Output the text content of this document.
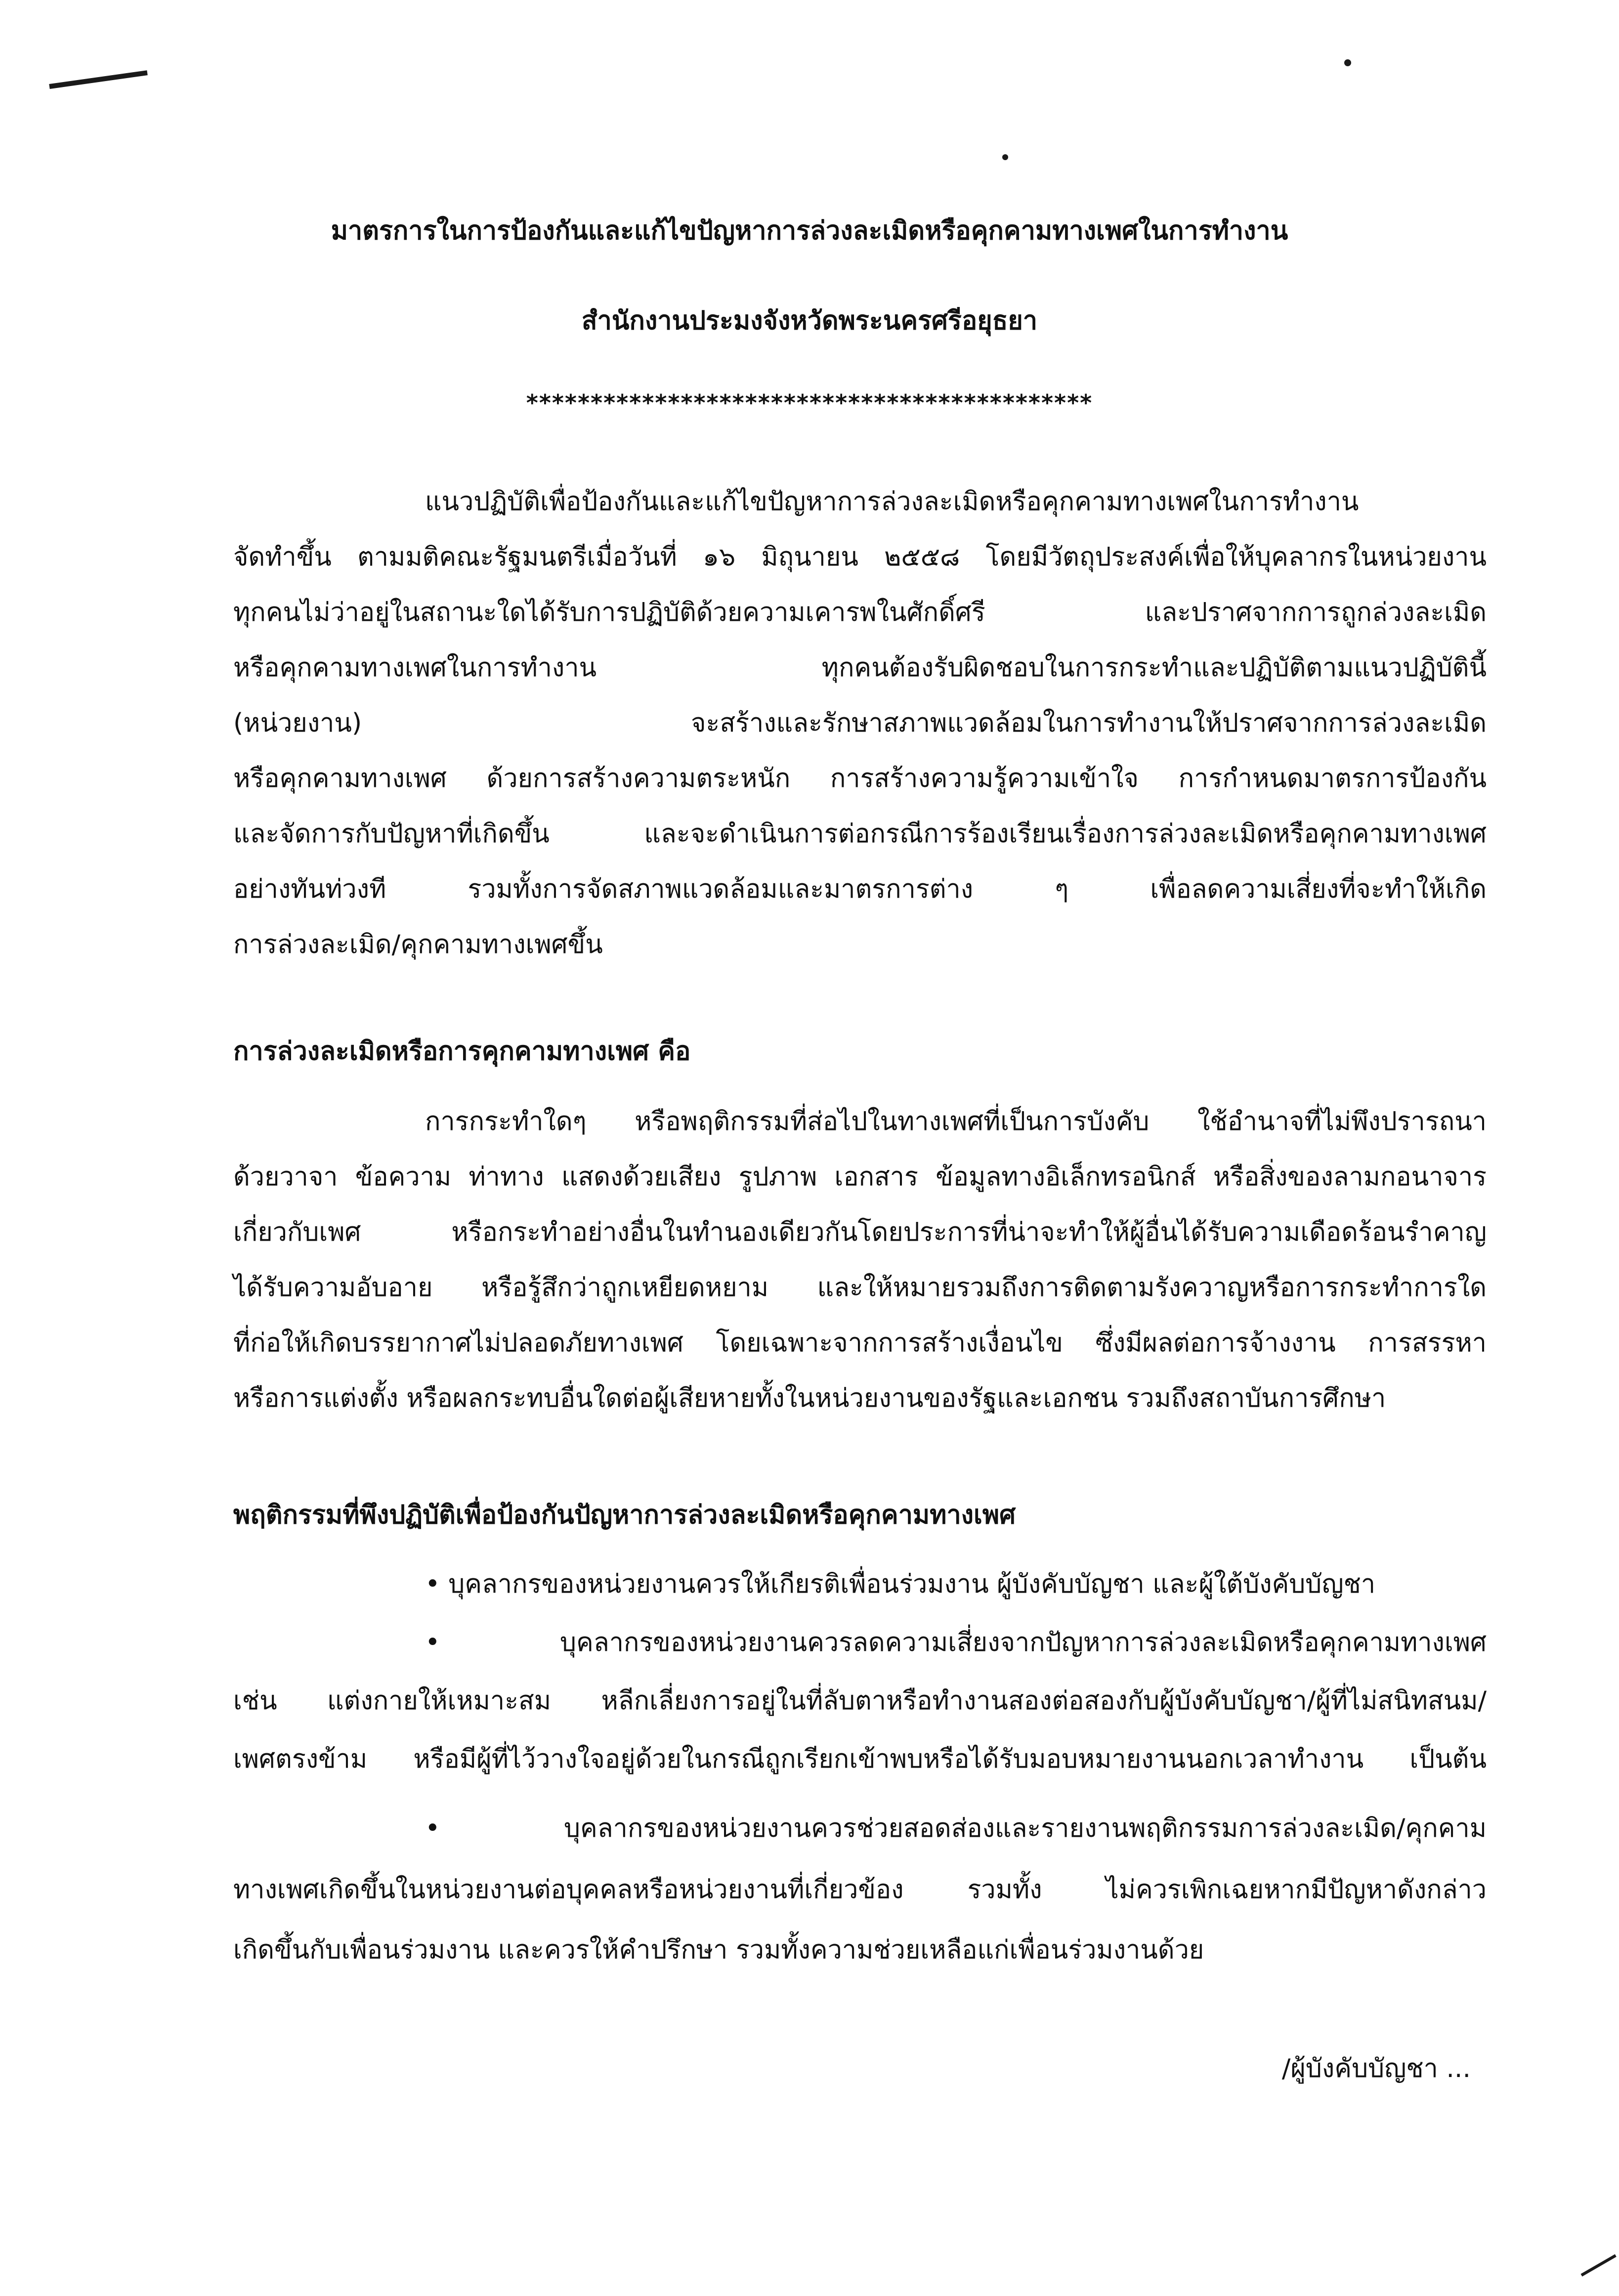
มาตรการในการป้องกันและแก้ไขปัญหาการล่วงละเมิดหรือคุกคามทางเพศในการทำงาน
สำนักงานประมงจังหวัดพระนครศรีอยุธยา
********************************************
แนวปฏิบัติเพื่อป้องกันและแก้ไขปัญหาการล่วงละเมิดหรือคุกคามทางเพศในการทำงาน
จัดทำขึ้น ตามมติคณะรัฐมนตรีเมื่อวันที่ ๑๖ มิถุนายน ๒๕๕๘ โดยมีวัตถุประสงค์เพื่อให้บุคลากรในหน่วยงาน
ทุกคนไม่ว่าอยู่ในสถานะใดได้รับการปฏิบัติด้วยความเคารพในศักดิ์ศรี และปราศจากการถูกล่วงละเมิด
หรือคุกคามทางเพศในการทำงาน ทุกคนต้องรับผิดชอบในการกระทำและปฏิบัติตามแนวปฏิบัตินี้
(หน่วยงาน) จะสร้างและรักษาสภาพแวดล้อมในการทำงานให้ปราศจากการล่วงละเมิด
หรือคุกคามทางเพศ ด้วยการสร้างความตระหนัก การสร้างความรู้ความเข้าใจ การกำหนดมาตรการป้องกัน
และจัดการกับปัญหาที่เกิดขึ้น และจะดำเนินการต่อกรณีการร้องเรียนเรื่องการล่วงละเมิดหรือคุกคามทางเพศ
อย่างทันท่วงที รวมทั้งการจัดสภาพแวดล้อมและมาตรการต่าง ๆ เพื่อลดความเสี่ยงที่จะทำให้เกิด
การล่วงละเมิด/คุกคามทางเพศขึ้น
การล่วงละเมิดหรือการคุกคามทางเพศ คือ
การกระทำใดๆ หรือพฤติกรรมที่ส่อไปในทางเพศที่เป็นการบังคับ ใช้อำนาจที่ไม่พึงปรารถนา
ด้วยวาจา ข้อความ ท่าทาง แสดงด้วยเสียง รูปภาพ เอกสาร ข้อมูลทางอิเล็กทรอนิกส์ หรือสิ่งของลามกอนาจาร
เกี่ยวกับเพศ หรือกระทำอย่างอื่นในทำนองเดียวกันโดยประการที่น่าจะทำให้ผู้อื่นได้รับความเดือดร้อนรำคาญ
ได้รับความอับอาย หรือรู้สึกว่าถูกเหยียดหยาม และให้หมายรวมถึงการติดตามรังควาญหรือการกระทำการใด
ที่ก่อให้เกิดบรรยากาศไม่ปลอดภัยทางเพศ โดยเฉพาะจากการสร้างเงื่อนไข ซึ่งมีผลต่อการจ้างงาน การสรรหา
หรือการแต่งตั้ง หรือผลกระทบอื่นใดต่อผู้เสียหายทั้งในหน่วยงานของรัฐและเอกชน รวมถึงสถาบันการศึกษา
พฤติกรรมที่พึงปฏิบัติเพื่อป้องกันปัญหาการล่วงละเมิดหรือคุกคามทางเพศ
• บุคลากรของหน่วยงานควรให้เกียรติเพื่อนร่วมงาน ผู้บังคับบัญชา และผู้ใต้บังคับบัญชา
• บุคลากรของหน่วยงานควรลดความเสี่ยงจากปัญหาการล่วงละเมิดหรือคุกคามทางเพศ
เช่น แต่งกายให้เหมาะสม หลีกเลี่ยงการอยู่ในที่ลับตาหรือทำงานสองต่อสองกับผู้บังคับบัญชา/ผู้ที่ไม่สนิทสนม/
เพศตรงข้าม หรือมีผู้ที่ไว้วางใจอยู่ด้วยในกรณีถูกเรียกเข้าพบหรือได้รับมอบหมายงานนอกเวลาทำงาน เป็นต้น
• บุคลากรของหน่วยงานควรช่วยสอดส่องและรายงานพฤติกรรมการล่วงละเมิด/คุกคาม
ทางเพศเกิดขึ้นในหน่วยงานต่อบุคคลหรือหน่วยงานที่เกี่ยวข้อง รวมทั้ง ไม่ควรเพิกเฉยหากมีปัญหาดังกล่าว
เกิดขึ้นกับเพื่อนร่วมงาน และควรให้คำปรึกษา รวมทั้งความช่วยเหลือแก่เพื่อนร่วมงานด้วย
/ผู้บังคับบัญชา ...
